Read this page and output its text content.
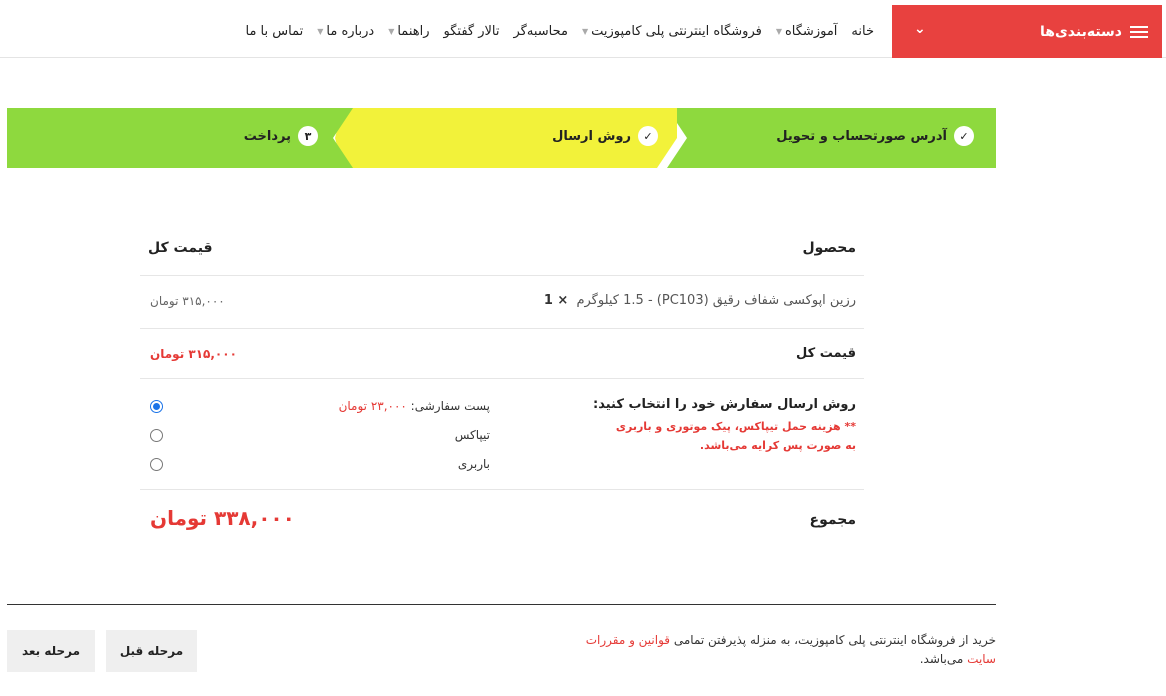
دسته‌بندی‌ها
⌄
خانه
آموزشگاه
▼
فروشگاه اینترنتی پلی کامپوزیت
▼
محاسبه‌گر
تالار گفتگو
راهنما
▼
درباره ما
▼
تماس با ما
✓
آدرس صورتحساب و تحویل
✓
روش ارسال
۳
پرداخت
محصول
قیمت کل
رزین اپوکسی شفاف رقیق (PC103) - 1.5 کیلوگرم × 1
۳۱۵,۰۰۰ تومان
قیمت کل
۳۱۵,۰۰۰ تومان
روش ارسال سفارش خود را انتخاب کنید:
** هزینه حمل تیپاکس، پیک موتوری و باربری به صورت پس کرایه می‌باشد.
پست سفارشی: ۲۳,۰۰۰ تومان
تیپاکس
باربری
مجموع
۳۳۸,۰۰۰ تومان
خرید از فروشگاه اینترنتی پلی کامپوزیت، به منزله پذیرفتن تمامی قوانین و مقررات سایت می‌باشد.
مرحله قبل
مرحله بعد
